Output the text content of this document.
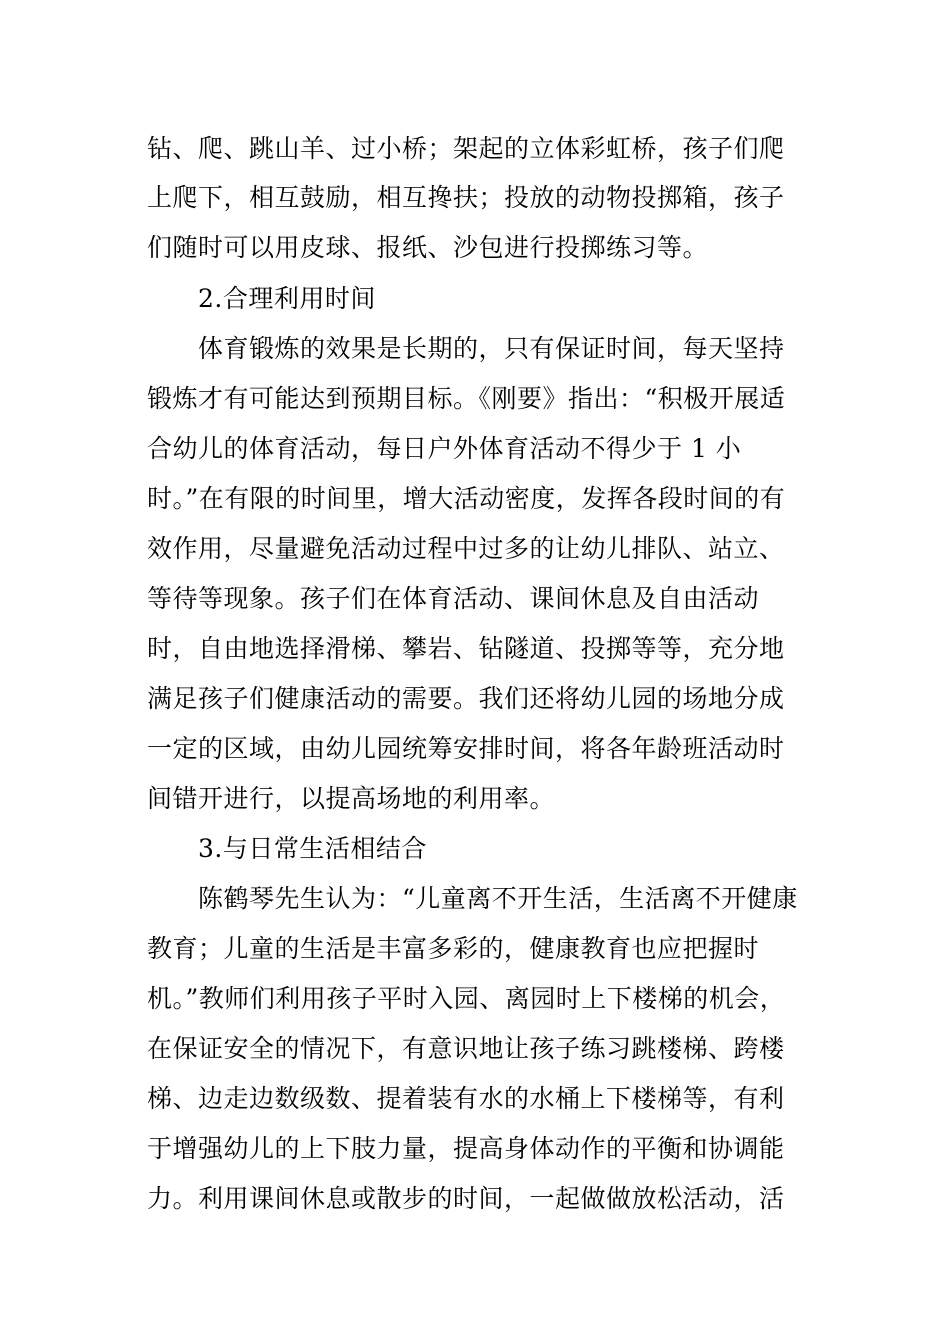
钻、爬、跳山羊、过小桥；架起的立体彩虹桥，孩子们爬
上爬下，相互鼓励，相互搀扶；投放的动物投掷箱，孩子
们随时可以用皮球、报纸、沙包进行投掷练习等。
2.合理利用时间
体育锻炼的效果是长期的，只有保证时间，每天坚持
锻炼才有可能达到预期目标。《刚要》指出：“积极开展适
合幼儿的体育活动，每日户外体育活动不得少于 1 小
时。”在有限的时间里，增大活动密度，发挥各段时间的有
效作用，尽量避免活动过程中过多的让幼儿排队、站立、
等待等现象。孩子们在体育活动、课间休息及自由活动
时，自由地选择滑梯、攀岩、钻隧道、投掷等等，充分地
满足孩子们健康活动的需要。我们还将幼儿园的场地分成
一定的区域，由幼儿园统筹安排时间，将各年龄班活动时
间错开进行，以提高场地的利用率。
3.与日常生活相结合
陈鹤琴先生认为：“儿童离不开生活，生活离不开健康
教育；儿童的生活是丰富多彩的，健康教育也应把握时
机。”教师们利用孩子平时入园、离园时上下楼梯的机会，
在保证安全的情况下，有意识地让孩子练习跳楼梯、跨楼
梯、边走边数级数、提着装有水的水桶上下楼梯等，有利
于增强幼儿的上下肢力量，提高身体动作的平衡和协调能
力。利用课间休息或散步的时间，一起做做放松活动，活
